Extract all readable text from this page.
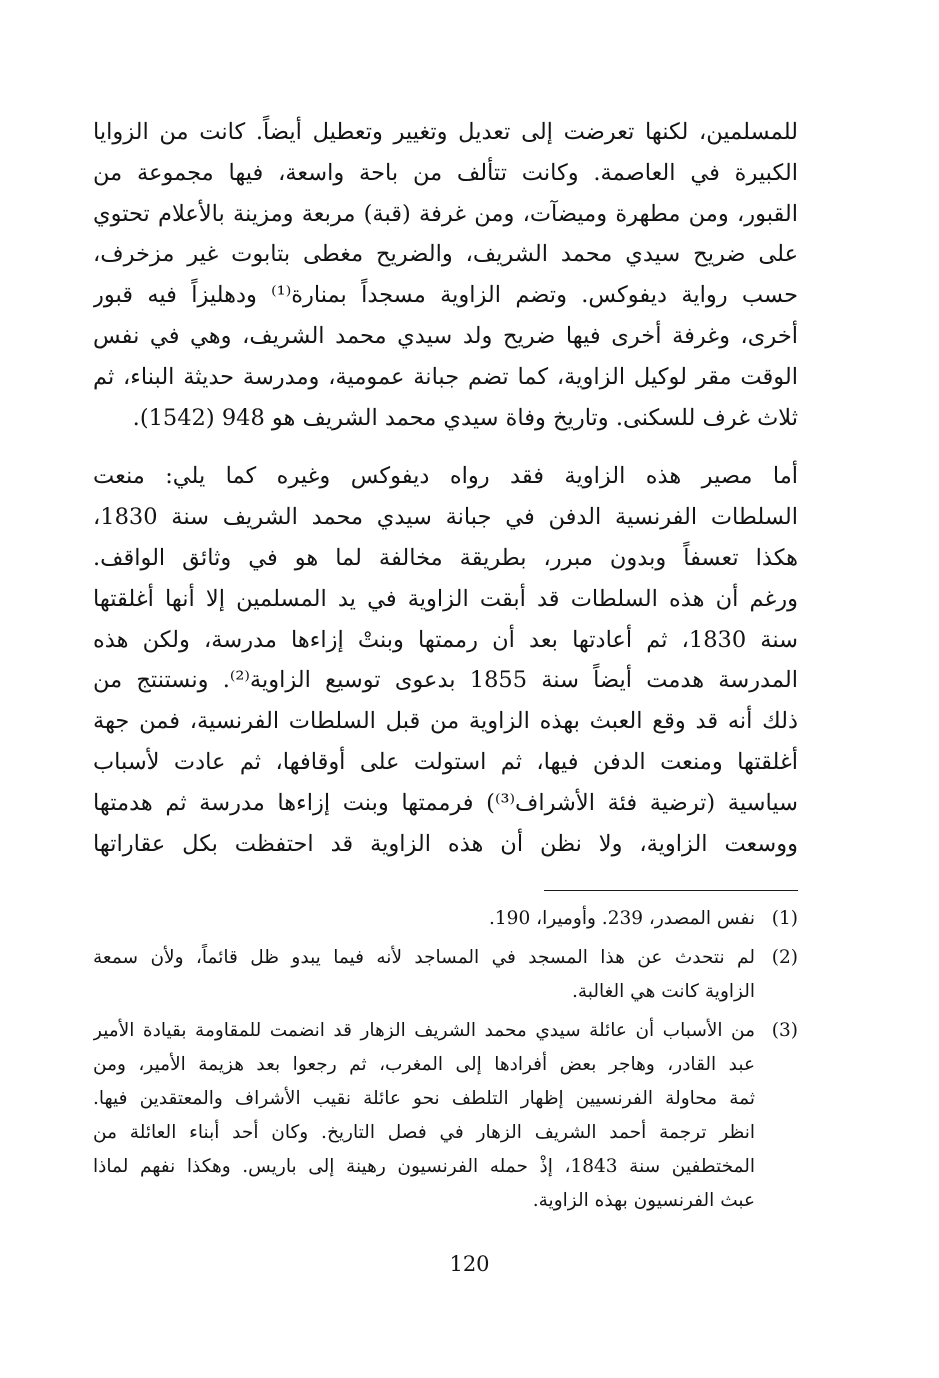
للمسلمين، لكنها تعرضت إلى تعديل وتغيير وتعطيل أيضاً. كانت من الزوايا
الكبيرة في العاصمة. وكانت تتألف من باحة واسعة، فيها مجموعة من
القبور، ومن مطهرة وميضآت، ومن غرفة (قبة) مربعة ومزينة بالأعلام تحتوي
على ضريح سيدي محمد الشريف، والضريح مغطى بتابوت غير مزخرف،
حسب رواية ديفوكس. وتضم الزاوية مسجداً بمنارة⁽¹⁾ ودهليزاً فيه قبور
أخرى، وغرفة أخرى فيها ضريح ولد سيدي محمد الشريف، وهي في نفس
الوقت مقر لوكيل الزاوية، كما تضم جبانة عمومية، ومدرسة حديثة البناء، ثم
ثلاث غرف للسكنى. وتاريخ وفاة سيدي محمد الشريف هو 948 (1542).
أما مصير هذه الزاوية فقد رواه ديفوكس وغيره كما يلي: منعت
السلطات الفرنسية الدفن في جبانة سيدي محمد الشريف سنة 1830،
هكذا تعسفاً وبدون مبرر، بطريقة مخالفة لما هو في وثائق الواقف.
ورغم أن هذه السلطات قد أبقت الزاوية في يد المسلمين إلا أنها أغلقتها
سنة 1830، ثم أعادتها بعد أن رممتها وبنتْ إزاءها مدرسة، ولكن هذه
المدرسة هدمت أيضاً سنة 1855 بدعوى توسيع الزاوية⁽²⁾. ونستنتج من
ذلك أنه قد وقع العبث بهذه الزاوية من قبل السلطات الفرنسية، فمن جهة
أغلقتها ومنعت الدفن فيها، ثم استولت على أوقافها، ثم عادت لأسباب
سياسية (ترضية فئة الأشراف⁽³⁾) فرممتها وبنت إزاءها مدرسة ثم هدمتها
ووسعت الزاوية، ولا نظن أن هذه الزاوية قد احتفظت بكل عقاراتها
(1)
نفس المصدر، 239. وأوميرا، 190.
(2)
لم نتحدث عن هذا المسجد في المساجد لأنه فيما يبدو ظل قائماً، ولأن سمعة
الزاوية كانت هي الغالبة.
(3)
من الأسباب أن عائلة سيدي محمد الشريف الزهار قد انضمت للمقاومة بقيادة الأمير
عبد القادر، وهاجر بعض أفرادها إلى المغرب، ثم رجعوا بعد هزيمة الأمير، ومن
ثمة محاولة الفرنسيين إظهار التلطف نحو عائلة نقيب الأشراف والمعتقدين فيها.
انظر ترجمة أحمد الشريف الزهار في فصل التاريخ. وكان أحد أبناء العائلة من
المختطفين سنة 1843، إذْ حمله الفرنسيون رهينة إلى باريس. وهكذا نفهم لماذا
عبث الفرنسيون بهذه الزاوية.
120
